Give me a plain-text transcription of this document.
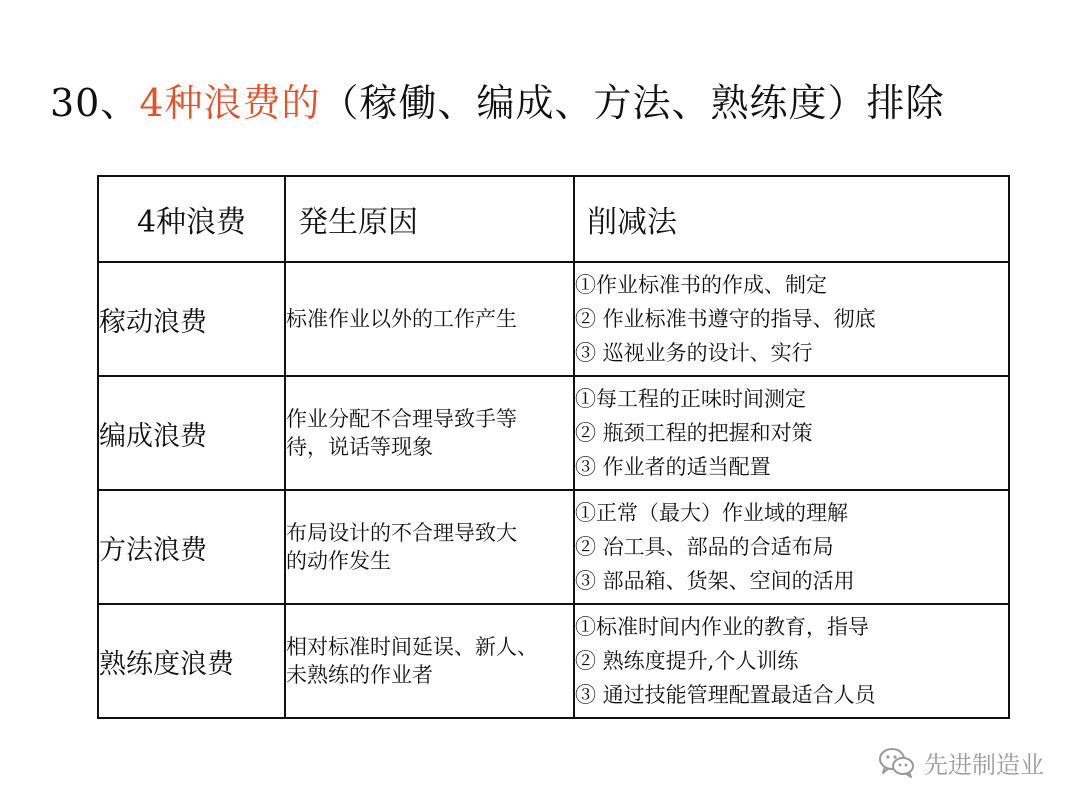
30、4种浪费的（稼働、编成、方法、熟练度）排除
4种浪费	発生原因	削减法
稼动浪费	标准作业以外的工作产生	①作业标准书的作成、制定
② 作业标准书遵守的指导、彻底
③ 巡视业务的设计、实行

编成浪费	作业分配不合理导致手等
待，说话等现象	①每工程的正味时间测定
② 瓶颈工程的把握和对策
③ 作业者的适当配置

方法浪费	布局设计的不合理导致大
的动作发生	①正常（最大）作业域的理解
② 冶工具、部品的合适布局
③ 部品箱、货架、空间的活用

熟练度浪费	相对标准时间延误、新人、
未熟练的作业者	①标准时间内作业的教育，指导
② 熟练度提升,个人训练
③ 通过技能管理配置最适合人员
先进制造业
